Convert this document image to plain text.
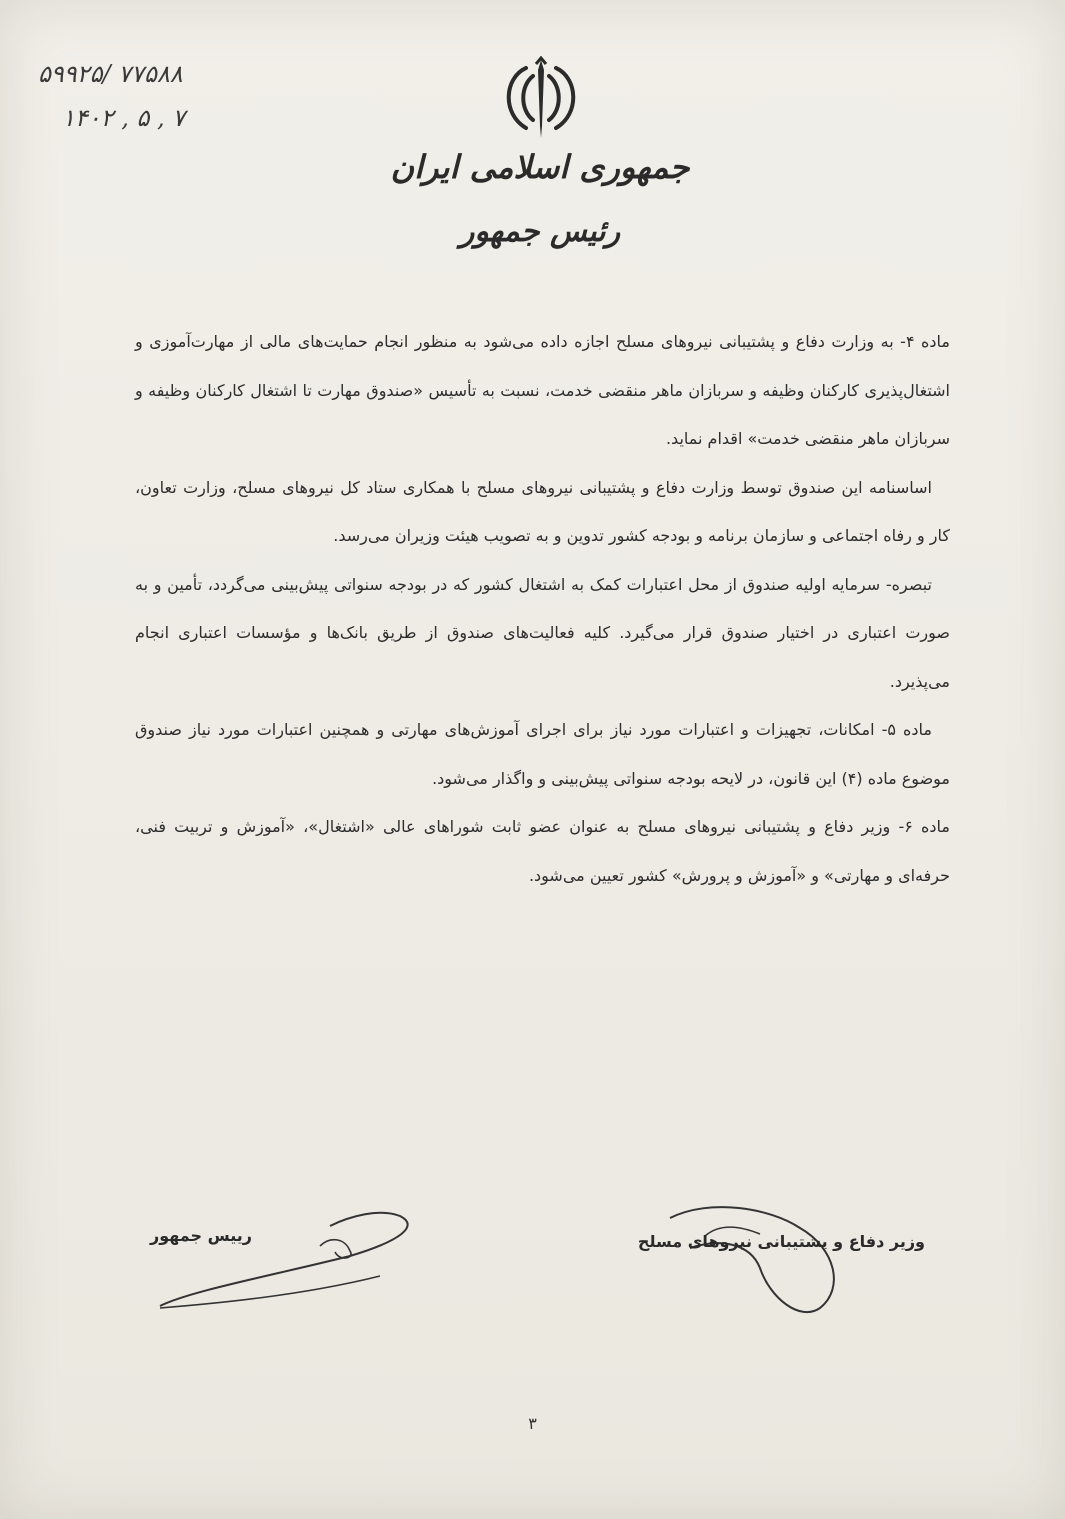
۵۹۹۲۵/ ۷۷۵۸۸
۱۴۰۲ , ۵ , ۷
جمهوری اسلامی ایران
رئیس جمهور

ماده ۴- به وزارت دفاع و پشتیبانی نیروهای مسلح اجازه داده می‌شود به منظور انجام حمایت‌های مالی از مهارت‌آموزی و اشتغال‌پذیری کارکنان وظیفه و سربازان ماهر منقضی خدمت، نسبت به تأسیس «صندوق مهارت تا اشتغال کارکنان وظیفه و سربازان ماهر منقضی خدمت» اقدام نماید.

اساسنامه این صندوق توسط وزارت دفاع و پشتیبانی نیروهای مسلح با همکاری ستاد کل نیروهای مسلح، وزارت تعاون، کار و رفاه اجتماعی و سازمان برنامه و بودجه کشور تدوین و به تصویب هیئت وزیران می‌رسد.

تبصره- سرمایه اولیه صندوق از محل اعتبارات کمک به اشتغال کشور که در بودجه سنواتی پیش‌بینی می‌گردد، تأمین و به صورت اعتباری در اختیار صندوق قرار می‌گیرد. کلیه فعالیت‌های صندوق از طریق بانک‌ها و مؤسسات اعتباری انجام می‌پذیرد.

ماده ۵- امکانات، تجهیزات و اعتبارات مورد نیاز برای اجرای آموزش‌های مهارتی و همچنین اعتبارات مورد نیاز صندوق موضوع ماده (۴) این قانون، در لایحه بودجه سنواتی پیش‌بینی و واگذار می‌شود.

ماده ۶- وزیر دفاع و پشتیبانی نیروهای مسلح به عنوان عضو ثابت شوراهای عالی «اشتغال»، «آموزش و تربیت فنی، حرفه‌ای و مهارتی» و «آموزش و پرورش» کشور تعیین می‌شود.

وزیر دفاع و پشتیبانی نیروهای مسلح
رییس جمهور
۳
